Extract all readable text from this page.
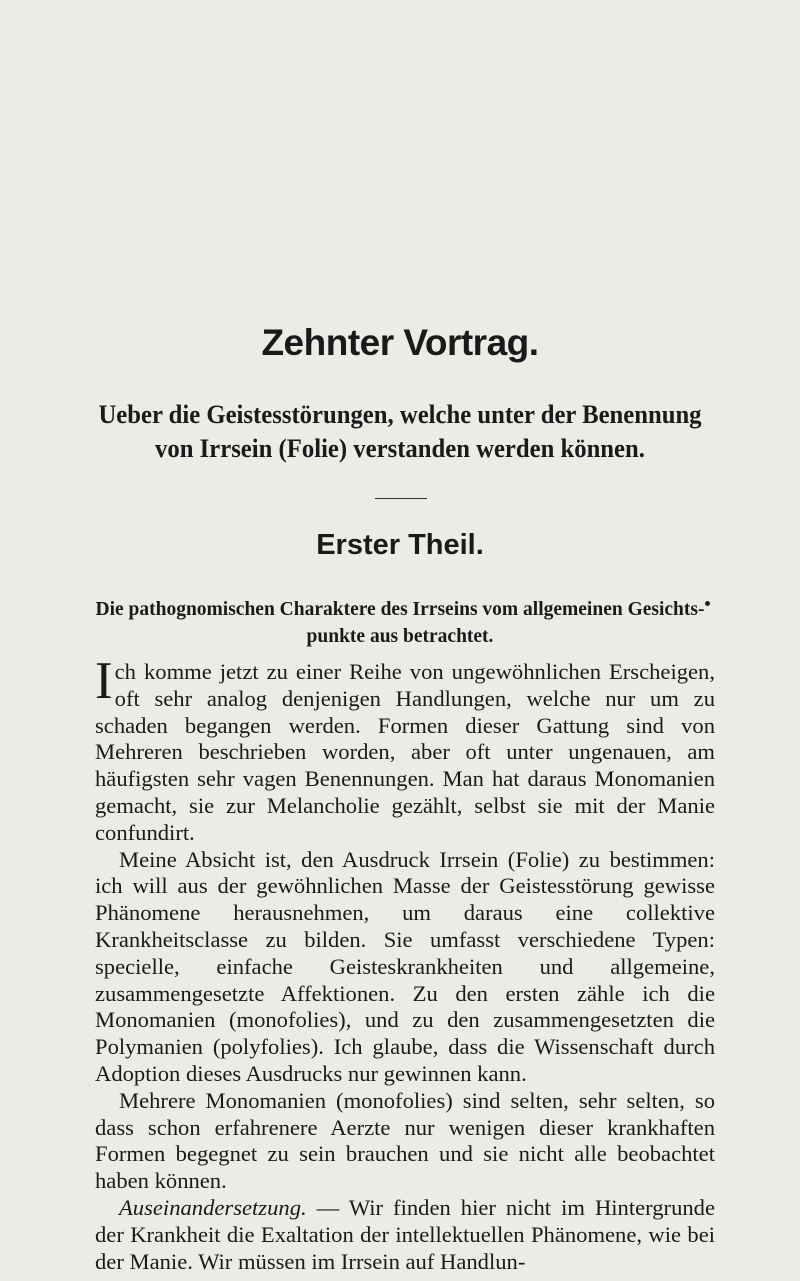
Zehnter Vortrag.
Ueber die Geistesstörungen, welche unter der Benennung
von Irrsein (Folie) verstanden werden können.
Erster Theil.
Die pathognomischen Charaktere des Irrseins vom allgemeinen Gesichts-
punkte aus betrachtet.

Ich komme jetzt zu einer Reihe von ungewöhnlichen Erscheigen, oft sehr analog denjenigen Handlungen, welche nur um zu schaden begangen werden. Formen dieser Gattung sind von Mehreren beschrieben worden, aber oft unter ungenauen, am häufigsten sehr vagen Benennungen. Man hat daraus Monomanien gemacht, sie zur Melancholie gezählt, selbst sie mit der Manie confundirt.

Meine Absicht ist, den Ausdruck Irrsein (Folie) zu bestimmen: ich will aus der gewöhnlichen Masse der Geistesstörung gewisse Phänomene herausnehmen, um daraus eine collektive Krankheitsclasse zu bilden. Sie umfasst verschiedene Typen: specielle, einfache Geisteskrankheiten und allgemeine, zusammengesetzte Affektionen. Zu den ersten zähle ich die Monomanien (monofolies), und zu den zusammengesetzten die Polymanien (polyfolies). Ich glaube, dass die Wissenschaft durch Adoption dieses Ausdrucks nur gewinnen kann.

Mehrere Monomanien (monofolies) sind selten, sehr selten, so dass schon erfahrenere Aerzte nur wenigen dieser krankhaften Formen begegnet zu sein brauchen und sie nicht alle beobachtet haben können.

Auseinandersetzung. — Wir finden hier nicht im Hintergrunde der Krankheit die Exaltation der intellektuellen Phänomene, wie bei der Manie. Wir müssen im Irrsein auf Handlun-
